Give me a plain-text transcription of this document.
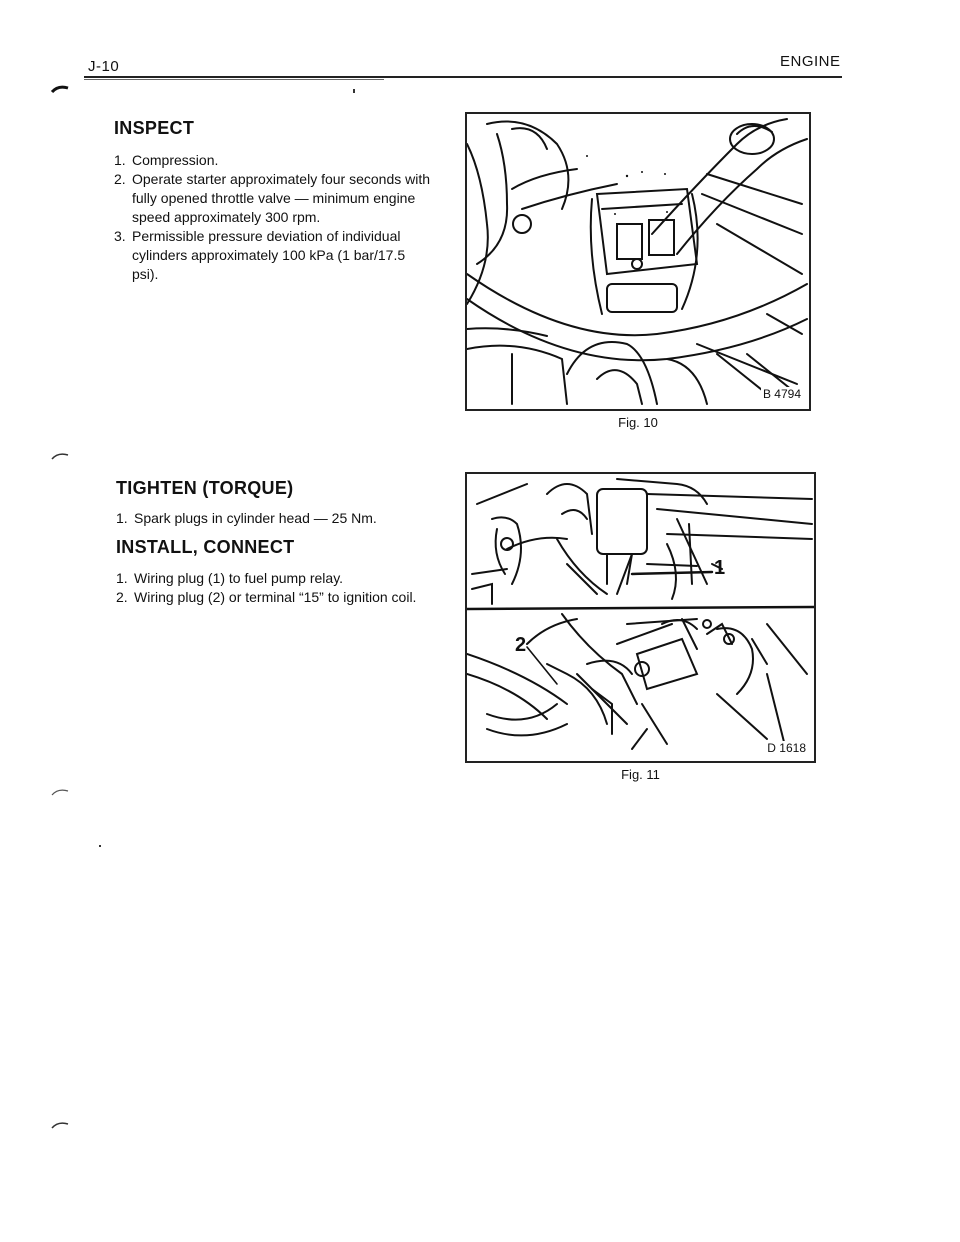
J-10	ENGINE
INSPECT
1. Compression.
2. Operate starter approximately four seconds with fully opened throttle valve — minimum engine speed approximately 300 rpm.
3. Permissible pressure deviation of individual cylinders approximately 100 kPa (1 bar/17.5 psi).
TIGHTEN (TORQUE)
1. Spark plugs in cylinder head — 25 Nm.
INSTALL, CONNECT
1. Wiring plug (1) to fuel pump relay.
2. Wiring plug (2) or terminal “15” to ignition coil.
B 4794
Fig. 10
1
2
D 1618
Fig. 11
